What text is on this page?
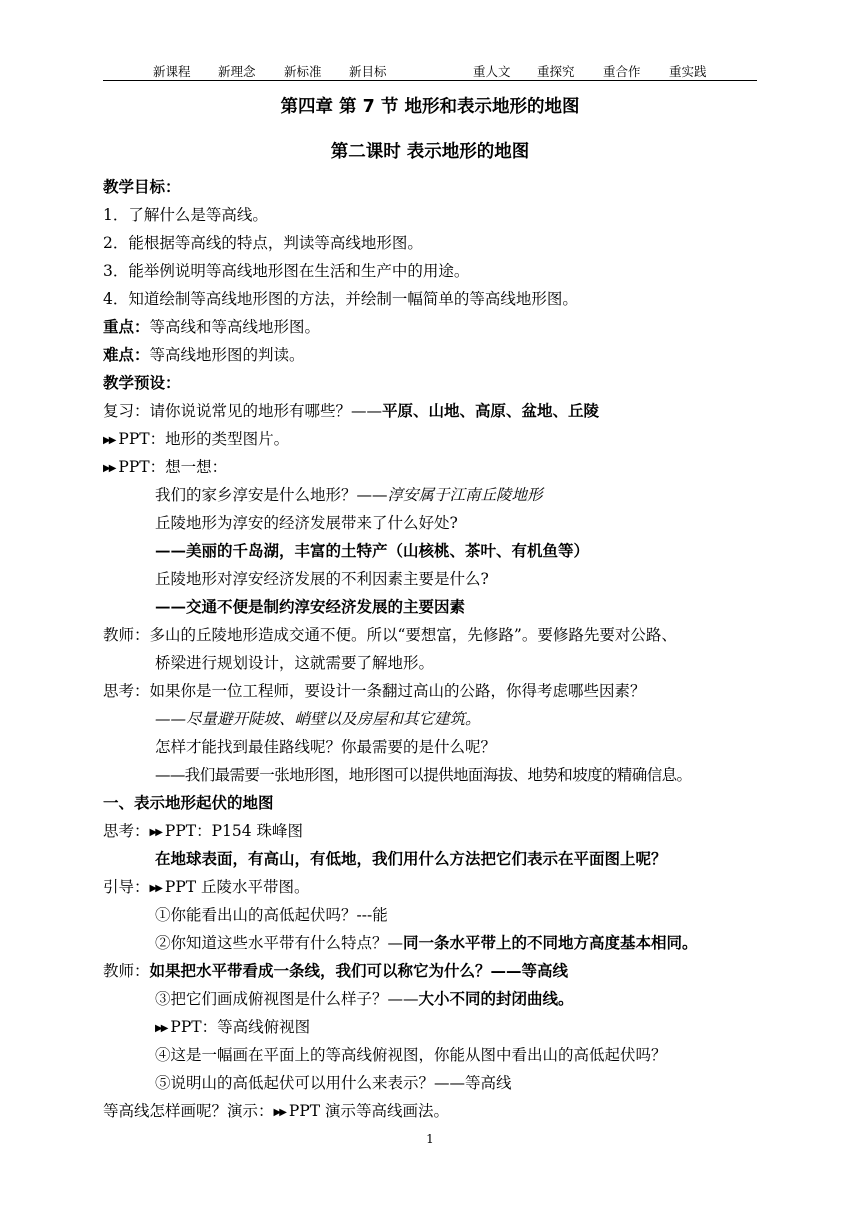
新课程 新理念 新标准 新目标	重人文 重探究 重合作 重实践
第四章 第 7 节 地形和表示地形的地图
第二课时 表示地形的地图
教学目标：
1．了解什么是等高线。
2．能根据等高线的特点，判读等高线地形图。
3．能举例说明等高线地形图在生活和生产中的用途。
4．知道绘制等高线地形图的方法，并绘制一幅简单的等高线地形图。
重点：等高线和等高线地形图。
难点：等高线地形图的判读。
教学预设：
复习：请你说说常见的地形有哪些？——平原、山地、高原、盆地、丘陵
▶▶ PPT：地形的类型图片。
▶▶ PPT：想一想：
我们的家乡淳安是什么地形？——淳安属于江南丘陵地形
丘陵地形为淳安的经济发展带来了什么好处?
——美丽的千岛湖，丰富的土特产（山核桃、茶叶、有机鱼等）
丘陵地形对淳安经济发展的不利因素主要是什么?
——交通不便是制约淳安经济发展的主要因素
教师：多山的丘陵地形造成交通不便。所以“要想富，先修路”。要修路先要对公路、
桥梁进行规划设计，这就需要了解地形。
思考：如果你是一位工程师，要设计一条翻过高山的公路，你得考虑哪些因素？
——尽量避开陡坡、峭壁以及房屋和其它建筑。
怎样才能找到最佳路线呢？你最需要的是什么呢？
——我们最需要一张地形图，地形图可以提供地面海拔、地势和坡度的精确信息。
一、表示地形起伏的地图
思考：▶▶ PPT：P154 珠峰图
在地球表面，有高山，有低地，我们用什么方法把它们表示在平面图上呢？
引导：▶▶ PPT 丘陵水平带图。
①你能看出山的高低起伏吗？---能
②你知道这些水平带有什么特点？—同一条水平带上的不同地方高度基本相同。
教师：如果把水平带看成一条线，我们可以称它为什么？——等高线
③把它们画成俯视图是什么样子？——大小不同的封闭曲线。
▶▶ PPT：等高线俯视图
④这是一幅画在平面上的等高线俯视图，你能从图中看出山的高低起伏吗？
⑤说明山的高低起伏可以用什么来表示？——等高线
等高线怎样画呢？演示：▶▶ PPT 演示等高线画法。
1
